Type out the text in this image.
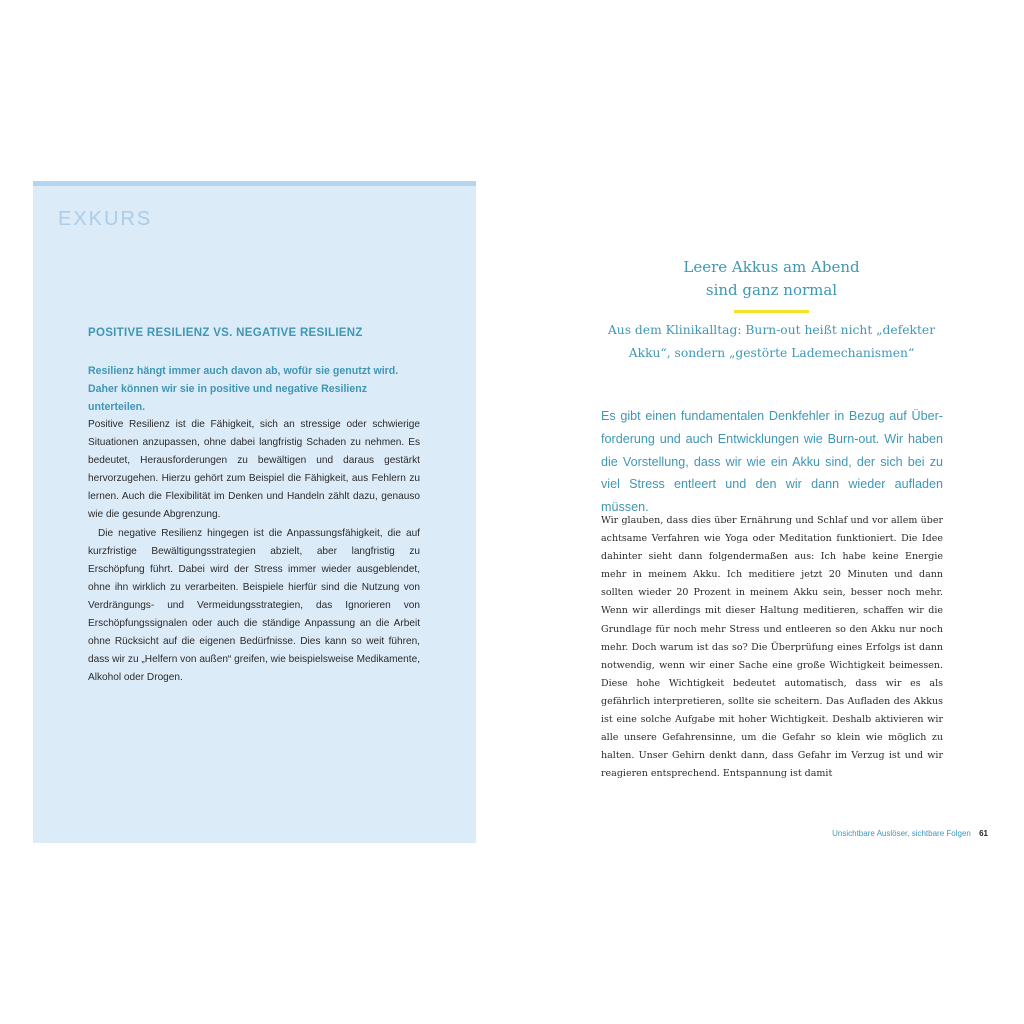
EXKURS
POSITIVE RESILIENZ VS. NEGATIVE RESILIENZ
Resilienz hängt immer auch davon ab, wofür sie genutzt wird. Daher können wir sie in positive und negative Resilienz unterteilen.

Positive Resilienz ist die Fähigkeit, sich an stressige oder schwierige Situationen anzupassen, ohne dabei langfristig Schaden zu nehmen. Es bedeutet, Herausforderungen zu bewältigen und daraus gestärkt hervorzugehen. Hierzu gehört zum Beispiel die Fähigkeit, aus Fehlern zu lernen. Auch die Flexibilität im Denken und Handeln zählt dazu, genauso wie die gesunde Abgrenzung.

Die negative Resilienz hingegen ist die Anpassungsfähigkeit, die auf kurzfristige Bewältigungsstrategien abzielt, aber langfristig zu Erschöpfung führt. Dabei wird der Stress immer wieder ausgeblendet, ohne ihn wirklich zu verarbeiten. Beispiele hierfür sind die Nutzung von Verdrängungs- und Vermeidungsstrategien, das Ignorieren von Erschöpfungssignalen oder auch die ständige Anpassung an die Arbeit ohne Rücksicht auf die eigenen Bedürfnisse. Dies kann so weit führen, dass wir zu „Helfern von außen“ greifen, wie beispielsweise Medikamente, Alkohol oder Drogen.

Leere Akkus am Abend
sind ganz normal
Aus dem Klinikalltag: Burn-out heißt nicht „defekter Akku“, sondern „gestörte Lademechanismen“
Es gibt einen fundamentalen Denkfehler in Bezug auf Überforderung und auch Entwicklungen wie Burn-out. Wir haben die Vorstellung, dass wir wie ein Akku sind, der sich bei zu viel Stress entleert und den wir dann wieder aufladen müssen.

Wir glauben, dass dies über Ernährung und Schlaf und vor allem über achtsame Verfahren wie Yoga oder Meditation funktioniert. Die Idee dahinter sieht dann folgendermaßen aus: Ich habe keine Energie mehr in meinem Akku. Ich meditiere jetzt 20 Minuten und dann sollten wieder 20 Prozent in meinem Akku sein, besser noch mehr. Wenn wir allerdings mit dieser Haltung meditieren, schaffen wir die Grundlage für noch mehr Stress und entleeren so den Akku nur noch mehr. Doch warum ist das so? Die Überprüfung eines Erfolgs ist dann notwendig, wenn wir einer Sache eine große Wichtigkeit beimessen. Diese hohe Wichtigkeit bedeutet automatisch, dass wir es als gefährlich interpretieren, sollte sie scheitern. Das Aufladen des Akkus ist eine solche Aufgabe mit hoher Wichtigkeit. Deshalb aktivieren wir alle unsere Gefahrensinne, um die Gefahr so klein wie möglich zu halten. Unser Gehirn denkt dann, dass Gefahr im Verzug ist und wir reagieren entsprechend. Entspannung ist damit

Unsichtbare Auslöser, sichtbare Folgen 61
